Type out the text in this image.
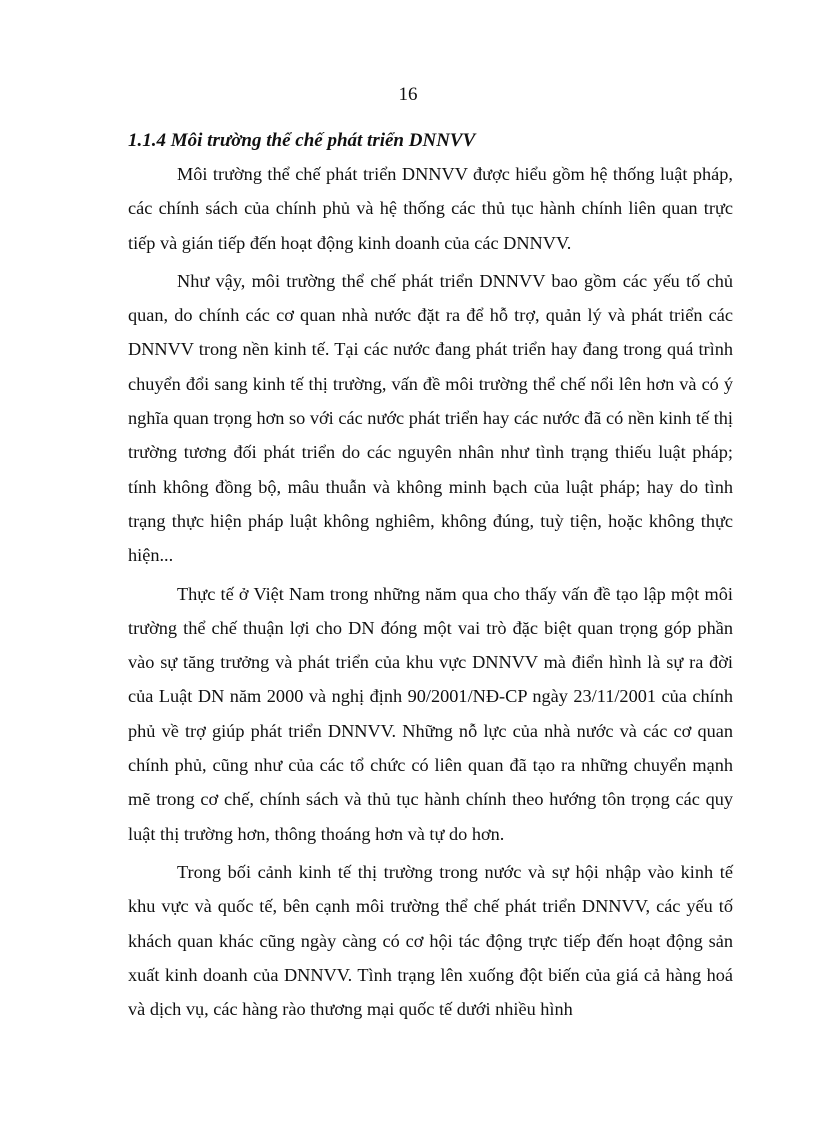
16
1.1.4 Môi trường thể chế phát triển DNNVV

Môi trường thể chế phát triển DNNVV được hiểu gồm hệ thống luật pháp, các chính sách của chính phủ và hệ thống các thủ tục hành chính liên quan trực tiếp và gián tiếp đến hoạt động kinh doanh của các DNNVV.

Như vậy, môi trường thể chế phát triển DNNVV bao gồm các yếu tố chủ quan, do chính các cơ quan nhà nước đặt ra để hỗ trợ, quản lý và phát triển các DNNVV trong nền kinh tế. Tại các nước đang phát triển hay đang trong quá trình chuyển đổi sang kinh tế thị trường, vấn đề môi trường thể chế nổi lên hơn và có ý nghĩa quan trọng hơn so với các nước phát triển hay các nước đã có nền kinh tế thị trường tương đối phát triển do các nguyên nhân như tình trạng thiếu luật pháp; tính không đồng bộ, mâu thuẫn và không minh bạch của luật pháp; hay do tình trạng thực hiện pháp luật không nghiêm, không đúng, tuỳ tiện, hoặc không thực hiện...

Thực tế ở Việt Nam trong những năm qua cho thấy vấn đề tạo lập một môi trường thể chế thuận lợi cho DN đóng một vai trò đặc biệt quan trọng góp phần vào sự tăng trưởng và phát triển của khu vực DNNVV mà điển hình là sự ra đời của Luật DN năm 2000 và nghị định 90/2001/NĐ-CP ngày 23/11/2001 của chính phủ về trợ giúp phát triển DNNVV. Những nỗ lực của nhà nước và các cơ quan chính phủ, cũng như của các tổ chức có liên quan đã tạo ra những chuyển mạnh mẽ trong cơ chế, chính sách và thủ tục hành chính theo hướng tôn trọng các quy luật thị trường hơn, thông thoáng hơn và tự do hơn.

Trong bối cảnh kinh tế thị trường trong nước và sự hội nhập vào kinh tế khu vực và quốc tế, bên cạnh môi trường thể chế phát triển DNNVV, các yếu tố khách quan khác cũng ngày càng có cơ hội tác động trực tiếp đến hoạt động sản xuất kinh doanh của DNNVV. Tình trạng lên xuống đột biến của giá cả hàng hoá và dịch vụ, các hàng rào thương mại quốc tế dưới nhiều hình
